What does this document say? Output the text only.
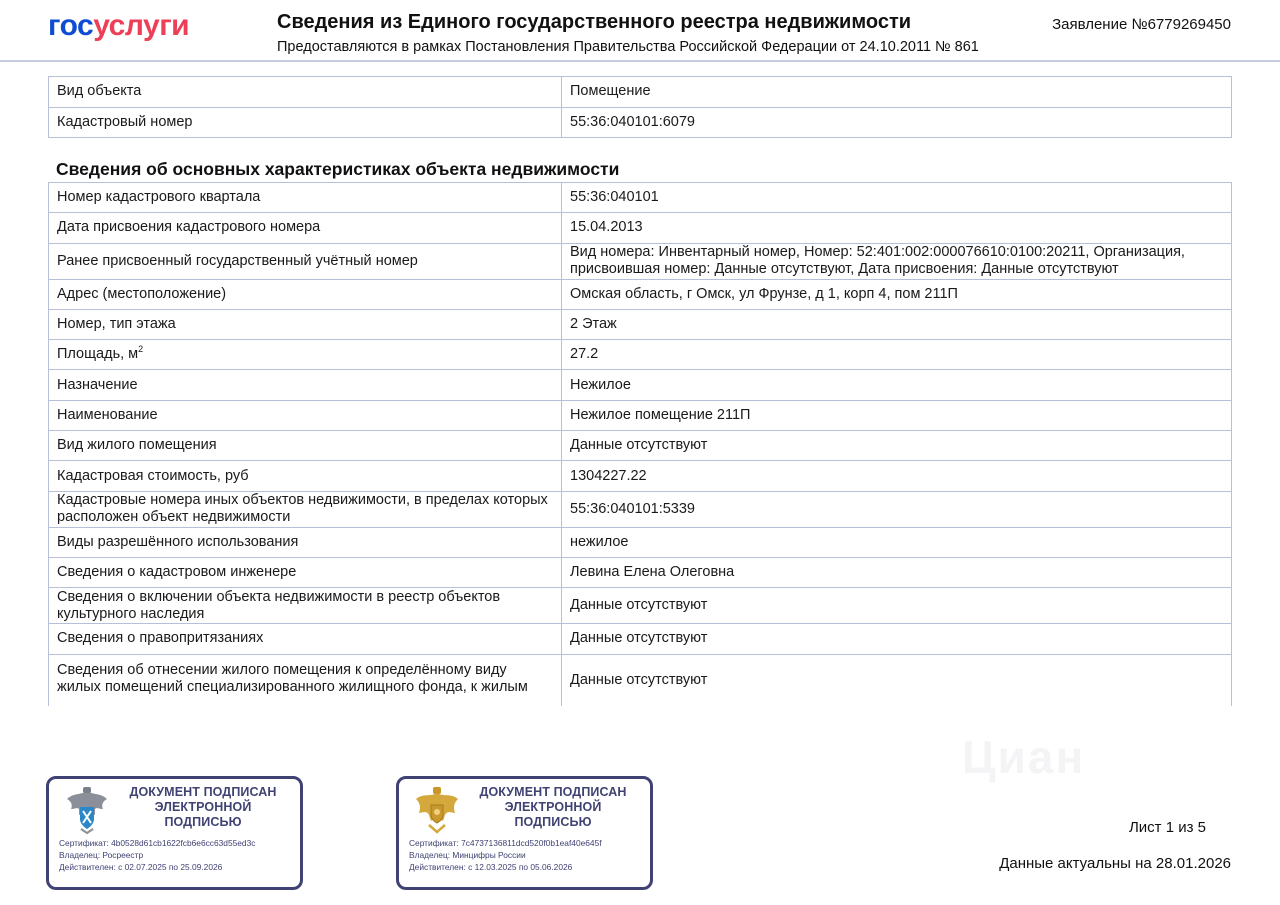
госуслуги	Сведения из Единого государственного реестра недвижимости
Предоставляются в рамках Постановления Правительства Российской Федерации от 24.10.2011 № 861
Заявление №6779269450
Вид объекта	Помещение
Кадастровый номер	55:36:040101:6079
Сведения об основных характеристиках объекта недвижимости
Номер кадастрового квартала	55:36:040101
Дата присвоения кадастрового номера	15.04.2013
Ранее присвоенный государственный учётный номер	Вид номера: Инвентарный номер, Номер: 52:401:002:000076610:0100:20211, Организация, присвоившая номер: Данные отсутствуют, Дата присвоения: Данные отсутствуют
Адрес (местоположение)	Омская область, г Омск, ул Фрунзе, д 1, корп 4, пом 211П
Номер, тип этажа	2 Этаж
Площадь, $м^2$	27.2
Назначение	Нежилое
Наименование	Нежилое помещение 211П
Вид жилого помещения	Данные отсутствуют
Кадастровая стоимость, руб	1304227.22
Кадастровые номера иных объектов недвижимости, в пределах которых расположен объект недвижимости	55:36:040101:5339
Виды разрешённого использования	нежилое
Сведения о кадастровом инженере	Левина Елена Олеговна
Сведения о включении объекта недвижимости в реестр объектов культурного наследия	Данные отсутствуют
Сведения о правопритязаниях	Данные отсутствуют
Сведения об отнесении жилого помещения к определённому виду жилых помещений специализированного жилищного фонда, к жилым	Данные отсутствуют
Циан
ДОКУМЕНТ ПОДПИСАН
ЭЛЕКТРОННОЙ
ПОДПИСЬЮ
Сертификат: 4b0528d61cb1622fcb6e6cc63d55ed3c
Владелец: Росреестр
Действителен: с 02.07.2025 по 25.09.2026
ДОКУМЕНТ ПОДПИСАН
ЭЛЕКТРОННОЙ
ПОДПИСЬЮ
Сертификат: 7c4737136811dcd520f0b1eaf40e645f
Владелец: Минцифры России
Действителен: с 12.03.2025 по 05.06.2026
Лист 1 из 5
Данные актуальны на 28.01.2026
